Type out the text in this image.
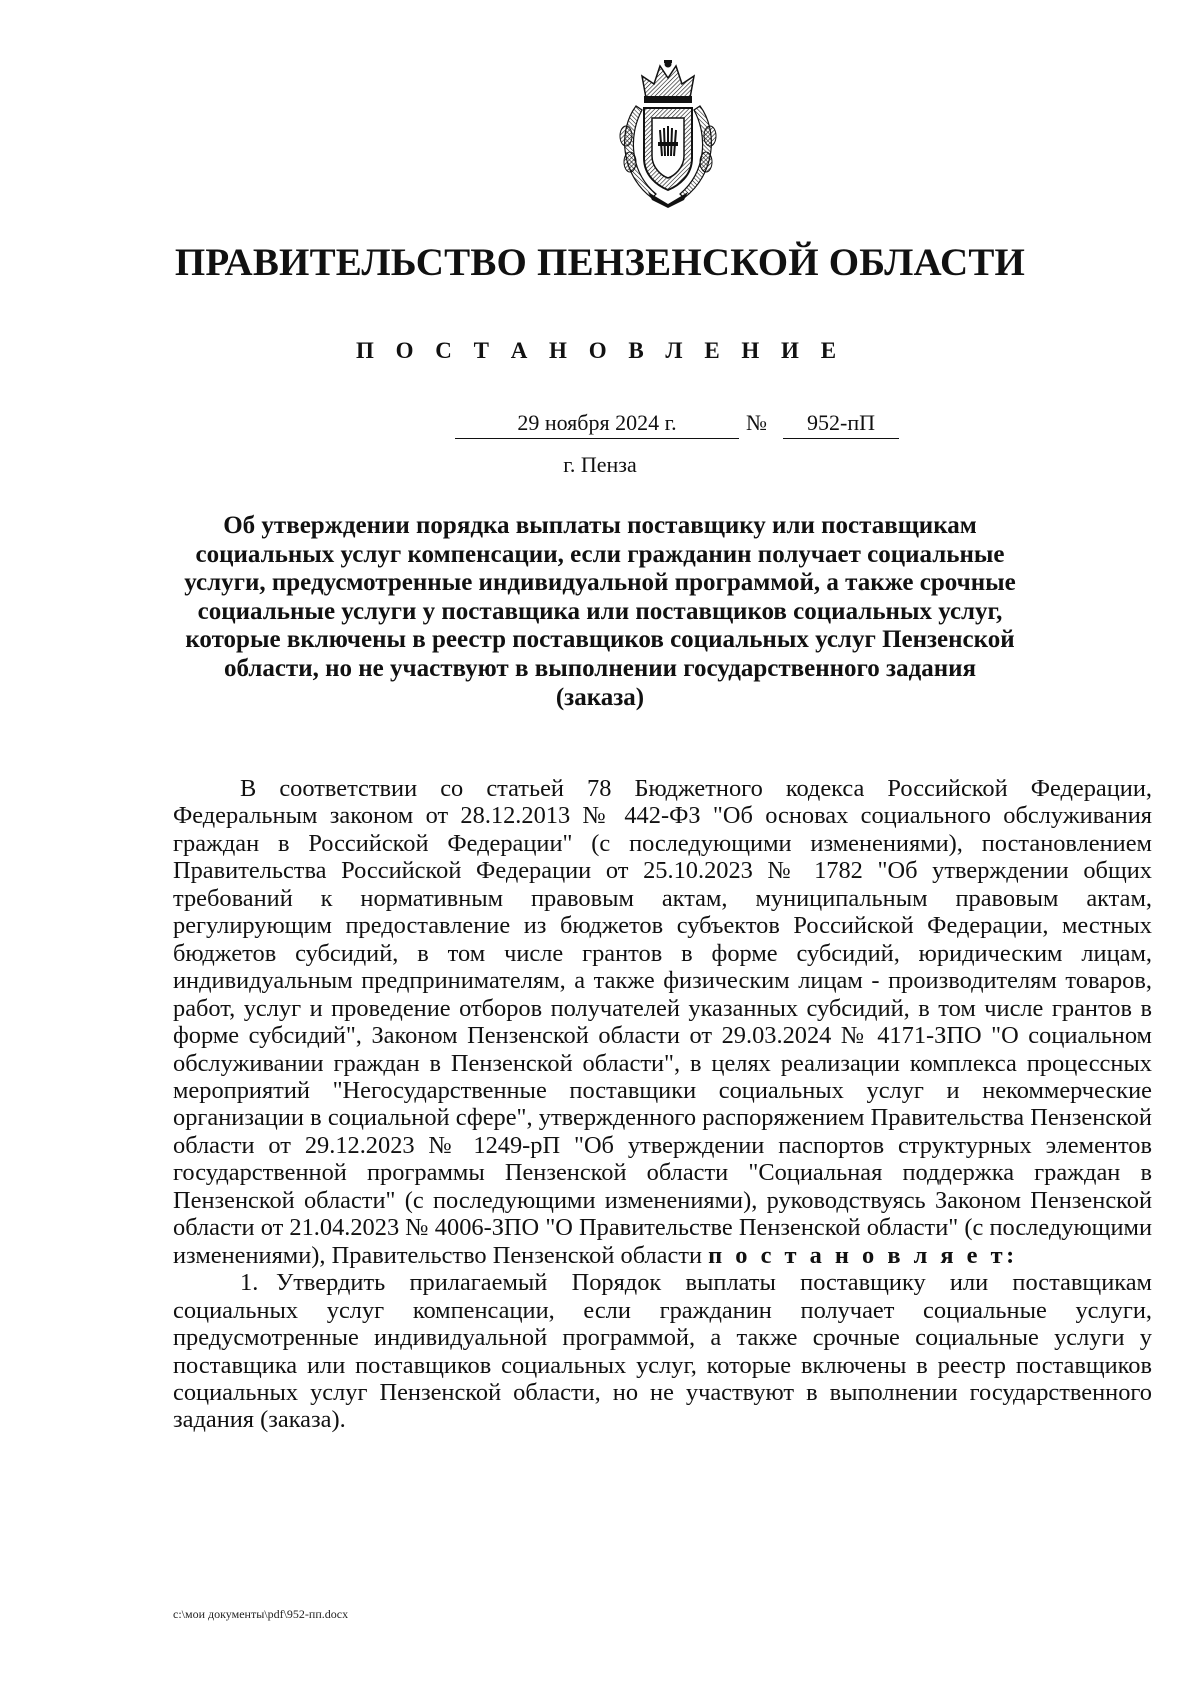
ПРАВИТЕЛЬСТВО ПЕНЗЕНСКОЙ ОБЛАСТИ
П О С Т А Н О В Л Е Н И Е
29 ноября 2024 г.	№	952-пП
г. Пенза
Об утверждении порядка выплаты поставщику или поставщикам социальных услуг компенсации, если гражданин получает социальные услуги, предусмотренные индивидуальной программой, а также срочные социальные услуги у поставщика или поставщиков социальных услуг, которые включены в реестр поставщиков социальных услуг Пензенской области, но не участвуют в выполнении государственного задания (заказа)

В соответствии со статьей 78 Бюджетного кодекса Российской Федерации, Федеральным законом от 28.12.2013 № 442-ФЗ "Об основах социального обслуживания граждан в Российской Федерации" (с последующими изменениями), постановлением Правительства Российской Федерации от 25.10.2023 № 1782 "Об утверждении общих требований к нормативным правовым актам, муниципальным правовым актам, регулирующим предоставление из бюджетов субъектов Российской Федерации, местных бюджетов субсидий, в том числе грантов в форме субсидий, юридическим лицам, индивидуальным предпринимателям, а также физическим лицам - производителям товаров, работ, услуг и проведение отборов получателей указанных субсидий, в том числе грантов в форме субсидий", Законом Пензенской области от 29.03.2024 № 4171-ЗПО "О социальном обслуживании граждан в Пензенской области", в целях реализации комплекса процессных мероприятий "Негосударственные поставщики социальных услуг и некоммерческие организации в социальной сфере", утвержденного распоряжением Правительства Пензенской области от 29.12.2023 № 1249-рП "Об утверждении паспортов структурных элементов государственной программы Пензенской области "Социальная поддержка граждан в Пензенской области" (с последующими изменениями), руководствуясь Законом Пензенской области от 21.04.2023 № 4006-ЗПО "О Правительстве Пензенской области" (с последующими изменениями), Правительство Пензенской области п о с т а н о в л я е т:

1. Утвердить прилагаемый Порядок выплаты поставщику или поставщикам социальных услуг компенсации, если гражданин получает социальные услуги, предусмотренные индивидуальной программой, а также срочные социальные услуги у поставщика или поставщиков социальных услуг, которые включены в реестр поставщиков социальных услуг Пензенской области, но не участвуют в выполнении государственного задания (заказа).

c:\мои документы\pdf\952-пп.docx
